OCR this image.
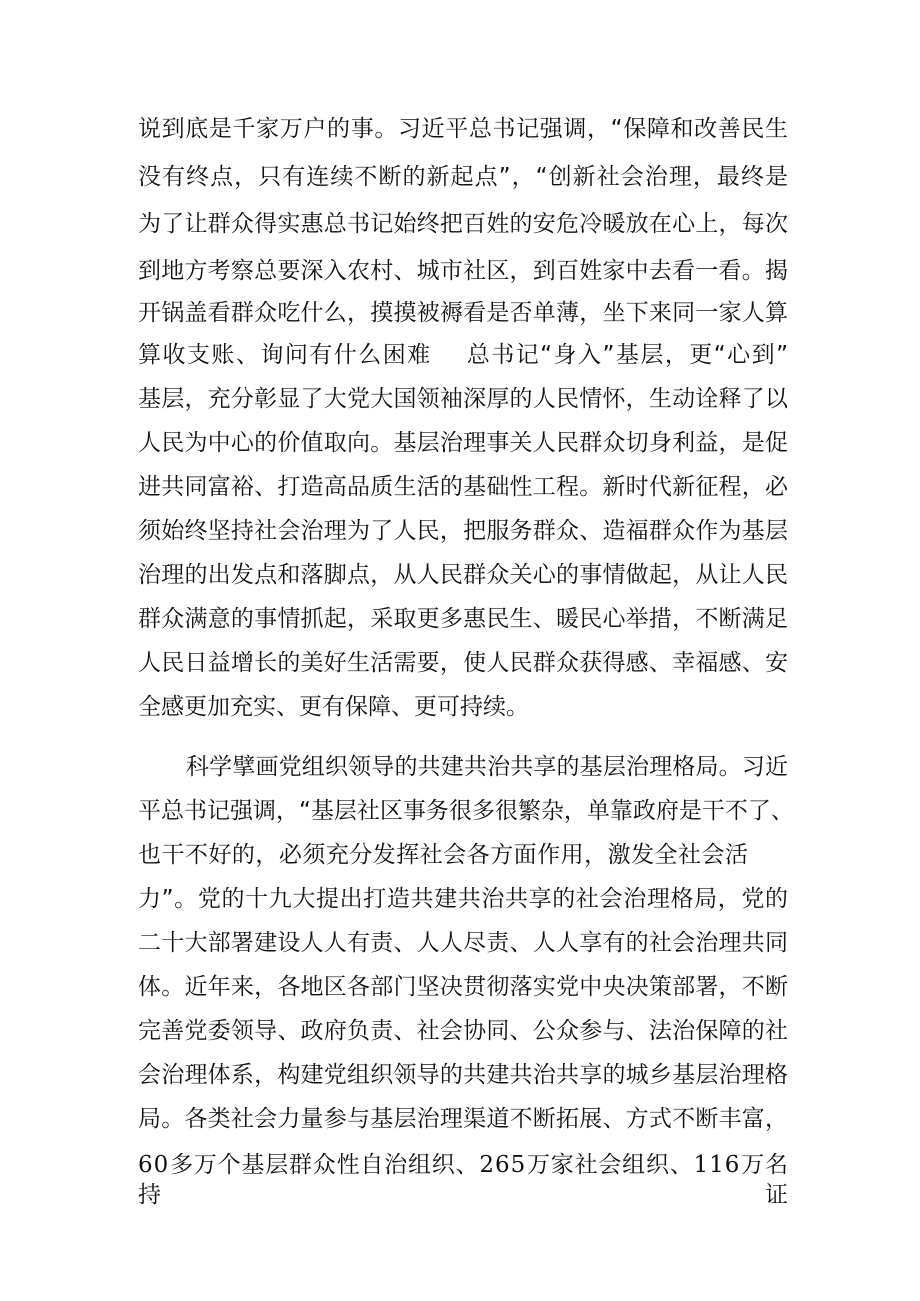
说到底是千家万户的事。习近平总书记强调，“保障和改善民生
没有终点，只有连续不断的新起点”，“创新社会治理，最终是
为了让群众得实惠总书记始终把百姓的安危冷暖放在心上，每次
到地方考察总要深入农村、城市社区，到百姓家中去看一看。揭
开锅盖看群众吃什么，摸摸被褥看是否单薄，坐下来同一家人算
算收支账、询问有什么困难    总书记“身入”基层，更“心到”
基层，充分彰显了大党大国领袖深厚的人民情怀，生动诠释了以
人民为中心的价值取向。基层治理事关人民群众切身利益，是促
进共同富裕、打造高品质生活的基础性工程。新时代新征程，必
须始终坚持社会治理为了人民，把服务群众、造福群众作为基层
治理的出发点和落脚点，从人民群众关心的事情做起，从让人民
群众满意的事情抓起，采取更多惠民生、暖民心举措，不断满足
人民日益增长的美好生活需要，使人民群众获得感、幸福感、安
全感更加充实、更有保障、更可持续。
科学擘画党组织领导的共建共治共享的基层治理格局。习近
平总书记强调，“基层社区事务很多很繁杂，单靠政府是干不了、
也干不好的，必须充分发挥社会各方面作用，激发全社会活
力”。党的十九大提出打造共建共治共享的社会治理格局，党的
二十大部署建设人人有责、人人尽责、人人享有的社会治理共同
体。近年来，各地区各部门坚决贯彻落实党中央决策部署，不断
完善党委领导、政府负责、社会协同、公众参与、法治保障的社
会治理体系，构建党组织领导的共建共治共享的城乡基层治理格
局。各类社会力量参与基层治理渠道不断拓展、方式不断丰富，
60多万个基层群众性自治组织、265万家社会组织、116万名持证
